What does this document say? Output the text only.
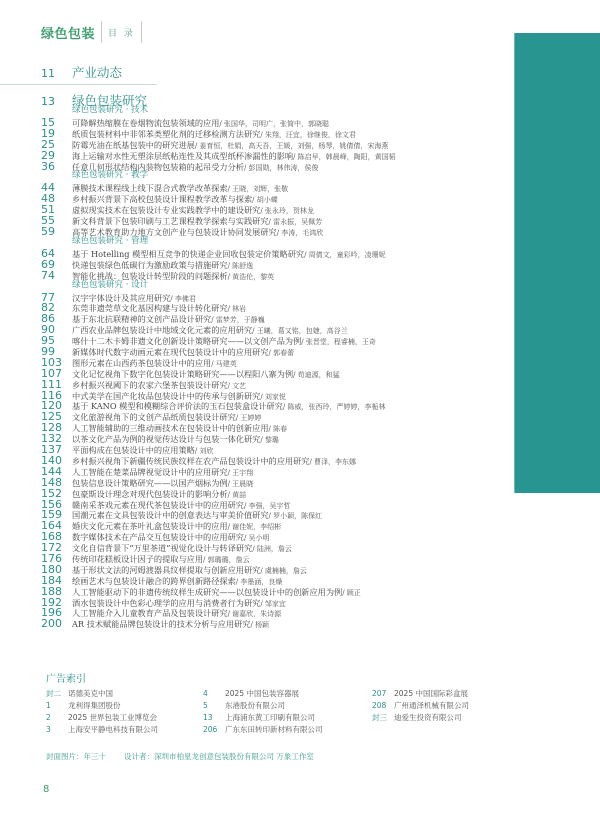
绿色包装 目 录
11	产业动态
13	绿色包装研究
绿色包装研究 · 技术
15	可降解热缩膜在卷烟物流包装领域的应用 / 张国华，司明广，张简中，郭晓聪
19	纸质包装材料中非邻苯类塑化剂的迁移检测方法研究 / 朱翔，汪宜，徐继俊，徐文君
25	防霉光油在纸基包装中的研究进展 / 姜育恒，杜娟，高天吾，王媛，刘强，杨琴，姚倩倩，宋海燕
29	海上运输对水性无塑涂层纸粘连性及其成型纸杯渗漏性的影响 / 陈启早，韩晨峰，陶阳，黄国韬
36	任意几何形状结构内装物包装箱的起吊受力分析 / 彭国勋，林伟涛，侯俊
绿色包装研究 · 教学
44	薄膜技术课程线上线下混合式教学改革探索 / 王晓，刘辉，张敬
48	乡村振兴背景下高校包装设计课程教学改革与探索 / 胡小蝶
51	虚拟现实技术在包装设计专业实践教学中的建设研究 / 张永玲，贺林龙
55	新文科背景下包装印刷与工艺课程教学探索与实践研究 / 雷永振，吴佩芳
59	高等艺术教育助力地方文创产业与包装设计协同发展研究 / 李涛，毛鸿欣
绿色包装研究 · 管理
64	基于 Hotelling 模型相互竞争的快递企业回收包装定价策略研究 / 周倩文，童彩吟，凌珊妮
69	快递包装绿色低碳行为激励政策与措施研究 / 陈舒逸
74	智能化挑战：包装设计转型阶段的问题探析 / 黄浩伦，黎英
绿色包装研究 · 设计
77	汉字字体设计及其应用研究 / 李佛君
82	东莞非遗莞草文化基因构建与设计转化研究 / 林岩
86	基于东北抗联精神的文创产品设计研究 / 雷梦芳，于静巍
90	广西农业品牌包装设计中地域文化元素的应用研究 / 王曦，葛又铭，包婕，高谷兰
95	喀什十二木卡姆非遗文化创新设计策略研究——以文创产品为例 / 张晋堂，程睿楠，王奇
99	新媒体时代数字动画元素在现代包装设计中的应用研究 / 郭春蕾
103	图形元素在山西药茶包装设计中的应用 / 马建英
107	文化记忆视角下数字化包装设计策略研究——以程阳八寨为例 / 苟迪源，和猛
111	乡村振兴视阈下的农家六堡茶包装设计研究 / 文艺
116	中式美学在国产化妆品包装设计中的传承与创新研究 / 刘家悦
120	基于 KANO 模型和模糊综合评价法的玉石包装盒设计研究 / 陈威，张西玲，严婷婷，李栀林
125	文化旅游视角下的文创产品纸质包装设计研究 / 王婷婷
128	人工智能辅助的三维动画技术在包装设计中的创新应用 / 陈春
132	以茶文化产品为例的视觉传达设计与包装一体化研究 / 黎璐
137	平面构成在包装设计中的应用策略 / 刘欣
140	乡村振兴视角下新疆传统民族纹样在农产品包装设计中的应用研究 / 曹泽，李东娜
144	人工智能在楚菜品牌视觉设计中的应用研究 / 王宇翔
148	包装信息设计策略研究——以国产烟标为例 / 王晨晓
152	包豪斯设计理念对现代包装设计的影响分析 / 黄喆
156	赣南采茶戏元素在现代茶包装设计中的应用研究 / 李强，吴宇哲
159	国潮元素在文具包装设计中的创意表达与审美价值研究 / 罗小颖，陈保红
164	婚庆文化元素在茶叶礼盒包装设计中的应用 / 谢佳妮，李绍彬
168	数字媒体技术在产品交互包装设计中的应用研究 / 吴小明
172	文化自信背景下“万里茶道”视觉化设计与转译研究 / 陆洲，詹云
176	传统印花糕板设计因子的提取与应用 / 郭璐璐，詹云
180	基于形状文法的河姆渡器具纹样提取与创新应用研究 / 虞楠楠，詹云
184	绘画艺术与包装设计融合的跨界创新路径探索 / 李墨涵，良燥
188	人工智能驱动下的非遗传统纹样生成研究——以包装设计中的创新应用为例 / 顾正
192	酒水包装设计中色彩心理学的应用与消费者行为研究 / 邹家宜
196	人工智能介入儿童教育产品及包装设计研究 / 谢嘉欣，朱诗源
200	AR 技术赋能品牌包装设计的技术分析与应用研究 / 杨颖
广告索引
封二 诺德美克中国
1	龙利得集团股份
2	2025 世界包装工业博览会
3	上海安平静电科技有限公司
4	2025 中国包装容器展
5	东港股份有限公司
13	上海浦东黄工印刷有限公司
206	广东东田转印新材料有限公司
207	2025 中国国际彩盒展
208	广州通泽机械有限公司
封三 迪爱生投资有限公司
封面图片：年三十 设计者：深圳市柏星龙创意包装股份有限公司 万象工作室
8
